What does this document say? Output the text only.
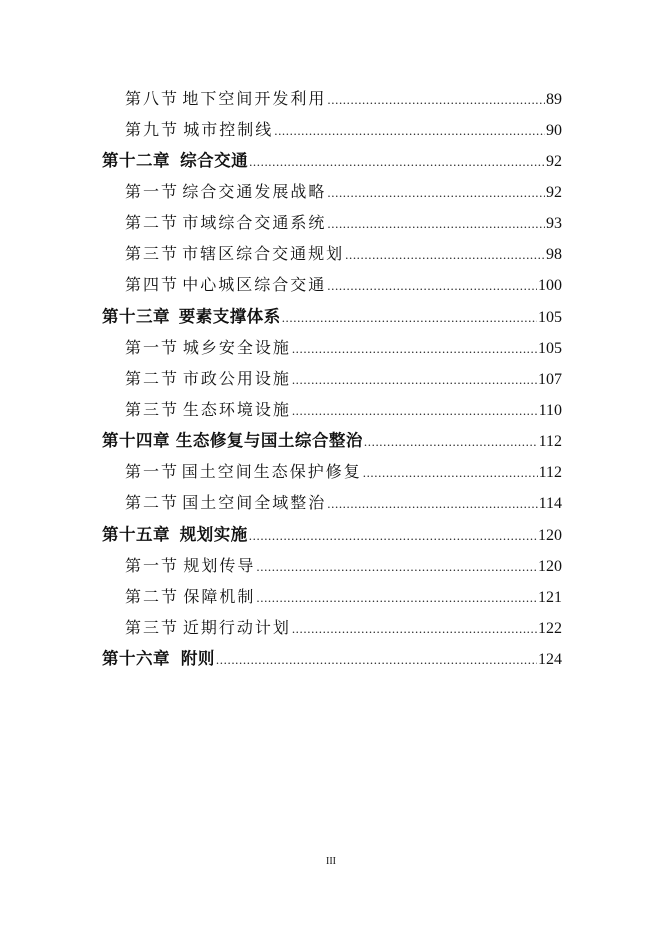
第八节 地下空间开发利用 .....	89
第九节 城市控制线 .....	90
第十二章 综合交通 .....	92
第一节 综合交通发展战略 .....	92
第二节 市域综合交通系统 .....	93
第三节 市辖区综合交通规划 .....	98
第四节 中心城区综合交通 .....	100
第十三章 要素支撑体系 .....	105
第一节 城乡安全设施 .....	105
第二节 市政公用设施 .....	107
第三节 生态环境设施 .....	110
第十四章 生态修复与国土综合整治 .....	112
第一节 国土空间生态保护修复 .....	112
第二节 国土空间全域整治 .....	114
第十五章 规划实施 .....	120
第一节 规划传导 .....	120
第二节 保障机制 .....	121
第三节 近期行动计划 .....	122
第十六章 附则 .....	124
III
